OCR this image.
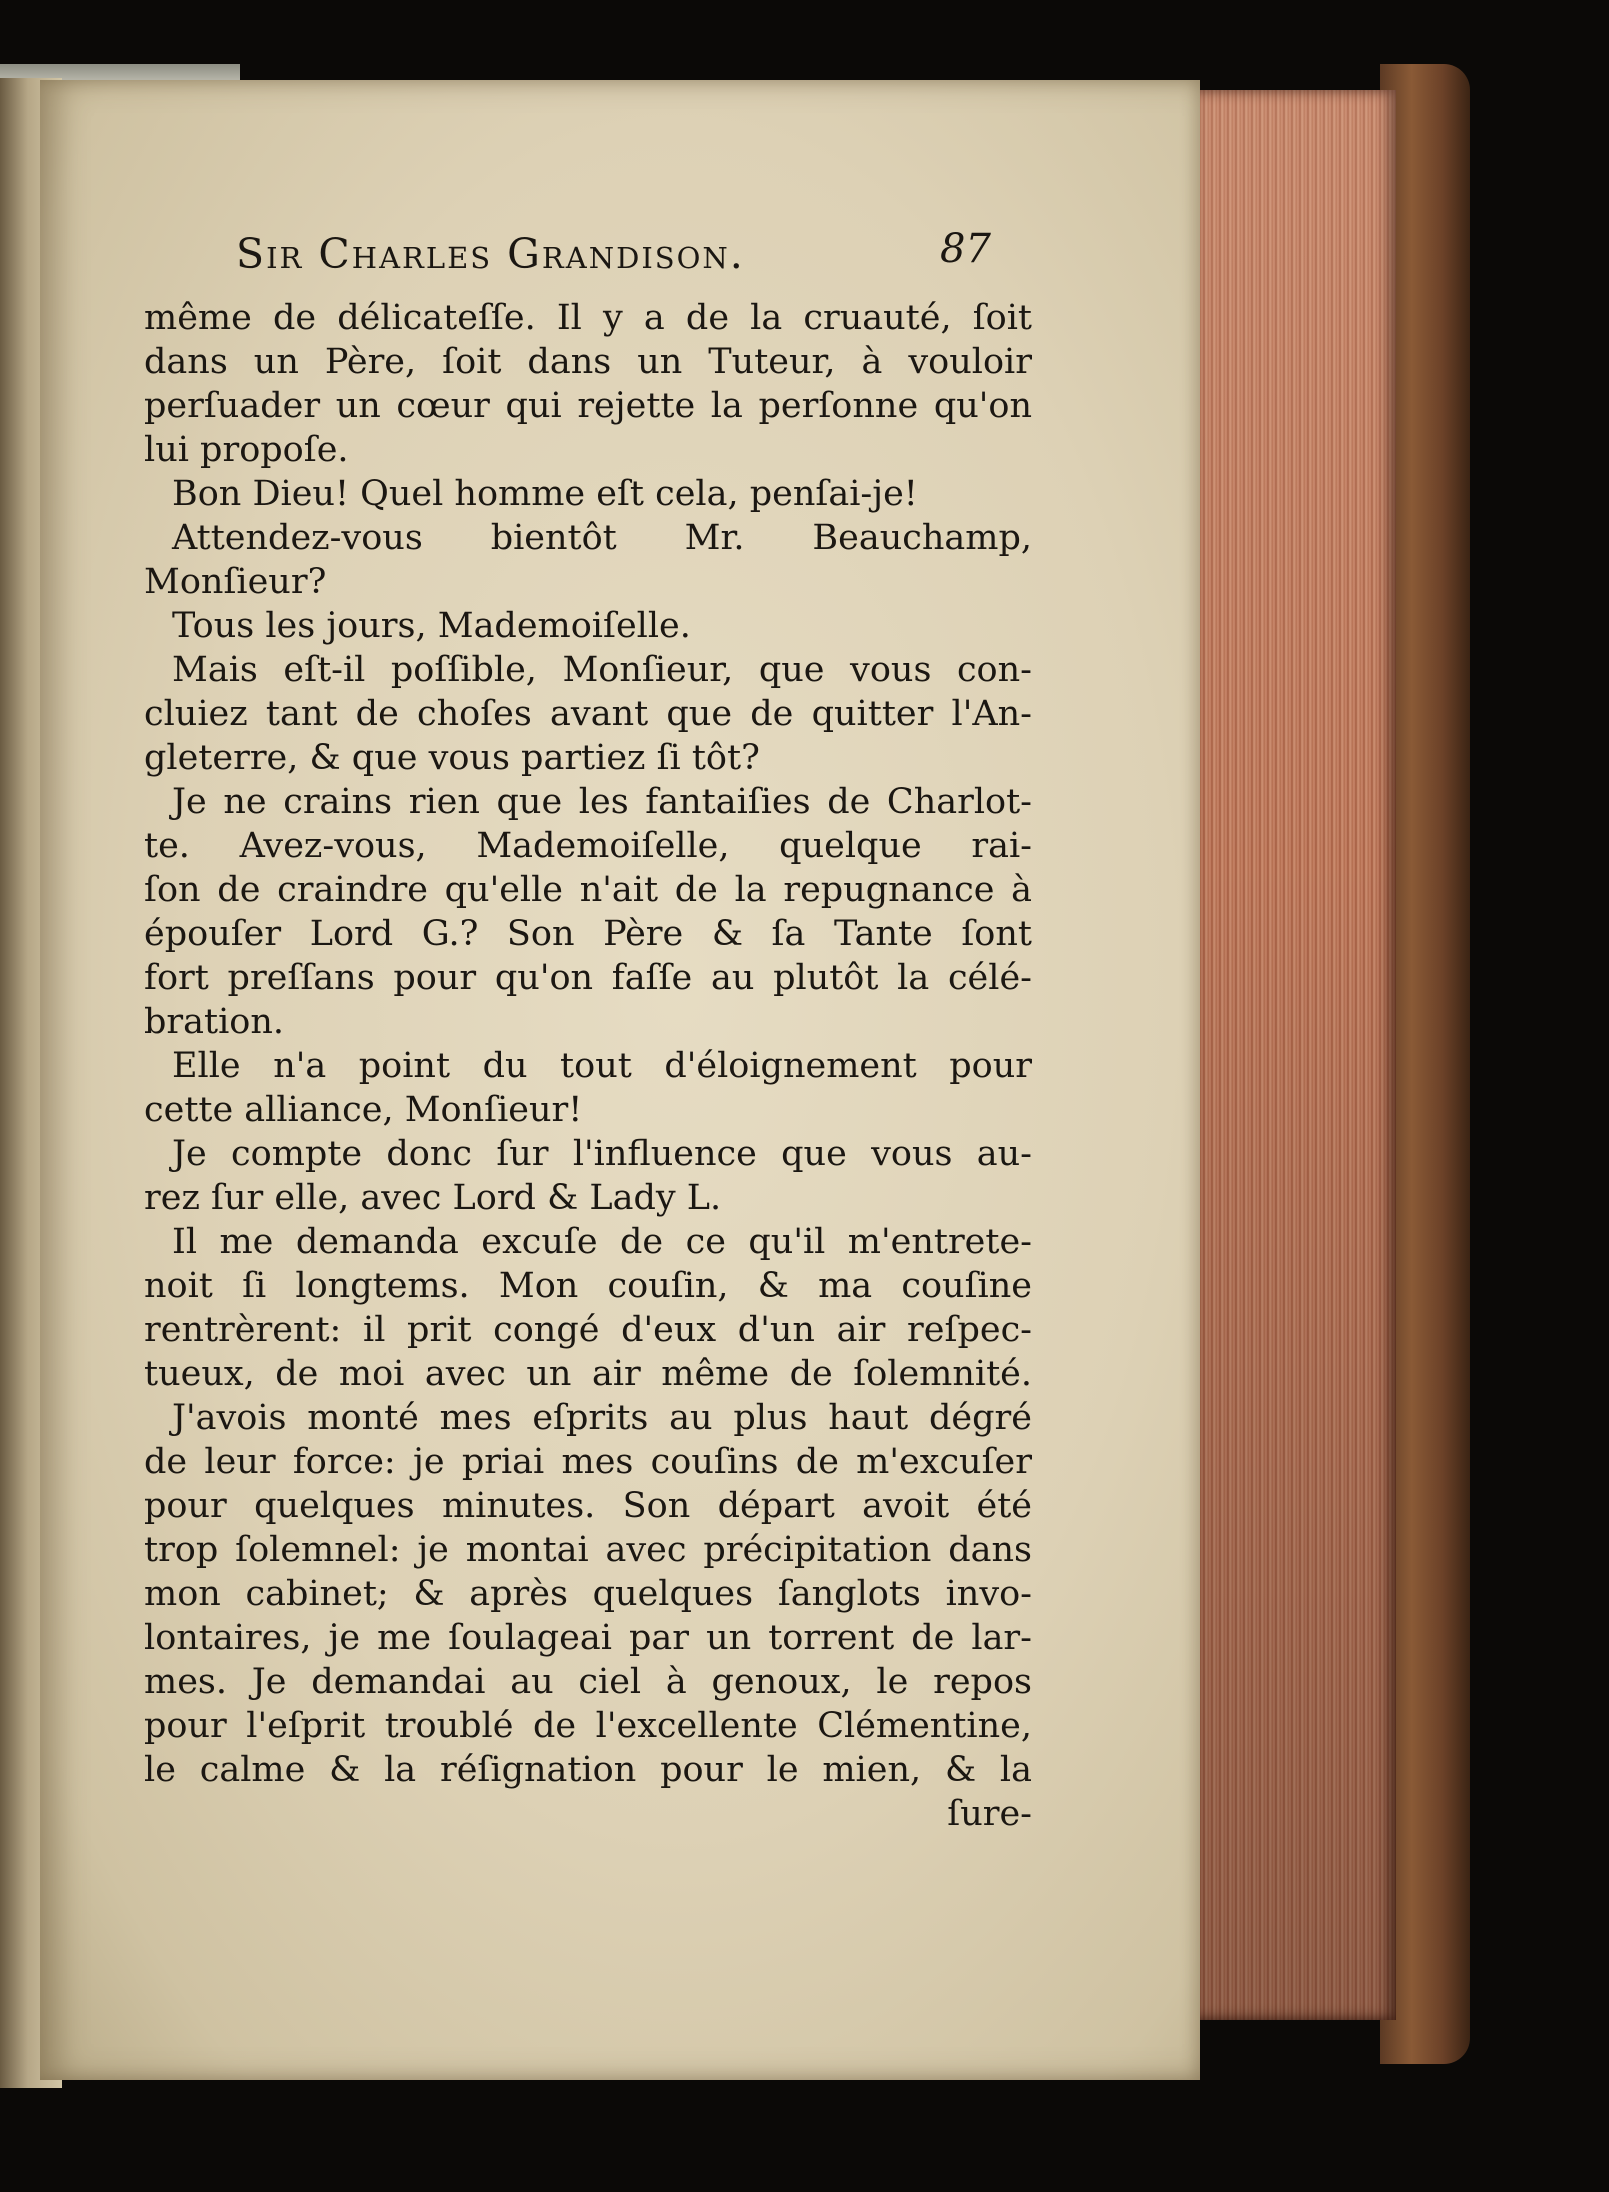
Sir Charles Grandison.	87
même de délicateſſe. Il y a de la cruauté, ſoit
dans un Père, ſoit dans un Tuteur, à vouloir
perſuader un cœur qui rejette la perſonne qu'on
lui propoſe.
Bon Dieu! Quel homme eſt cela, penſai-je!
Attendez-vous bientôt Mr. Beauchamp,
Monſieur?
Tous les jours, Mademoiſelle.
Mais eſt-il poſſible, Monſieur, que vous con-
cluiez tant de choſes avant que de quitter l'An-
gleterre, & que vous partiez ſi tôt?
Je ne crains rien que les fantaiſies de Charlot-
te. Avez-vous, Mademoiſelle, quelque rai-
ſon de craindre qu'elle n'ait de la repugnance à
épouſer Lord G.? Son Père & ſa Tante ſont
fort preſſans pour qu'on faſſe au plutôt la célé-
bration.
Elle n'a point du tout d'éloignement pour
cette alliance, Monſieur!
Je compte donc ſur l'influence que vous au-
rez ſur elle, avec Lord & Lady L.
Il me demanda excuſe de ce qu'il m'entrete-
noit ſi longtems. Mon couſin, & ma couſine
rentrèrent: il prit congé d'eux d'un air reſpec-
tueux, de moi avec un air même de ſolemnité.
J'avois monté mes eſprits au plus haut dégré
de leur force: je priai mes couſins de m'excuſer
pour quelques minutes. Son départ avoit été
trop ſolemnel: je montai avec précipitation dans
mon cabinet; & après quelques ſanglots invo-
lontaires, je me ſoulageai par un torrent de lar-
mes. Je demandai au ciel à genoux, le repos
pour l'eſprit troublé de l'excellente Clémentine,
le calme & la réſignation pour le mien, & la
ſure-
